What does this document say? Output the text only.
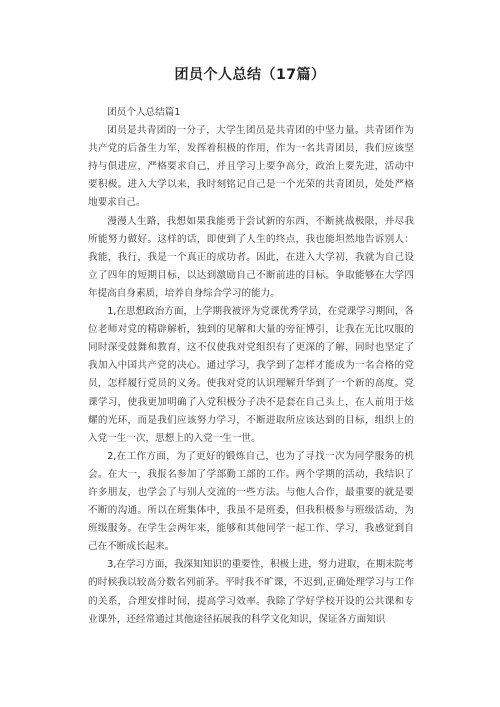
团员个人总结（17篇）

团员个人总结篇1

团员是共青团的一分子，大学生团员是共青团的中坚力量。共青团作为共产党的后备生力军，发挥着积极的作用，作为一名共青团员，我们应该坚持与俱进应，严格要求自己，并且学习上要争高分，政治上要先进，活动中要积极。进入大学以来，我时刻铭记自己是一个光荣的共青团员，处处严格地要求自己。

漫漫人生路，我想如果我能勇于尝试新的东西，不断挑战极限，并尽我所能努力做好。这样的话，即使到了人生的终点，我也能坦然地告诉别人：我能，我行，我是一个真正的成功者。因此，在进入大学初，我就为自己设立了四年的短期目标，以达到激励自己不断前进的目标。争取能够在大学四年提高自身素质，培养自身综合学习的能力。

1,在思想政治方面，上学期我被评为党课优秀学员，在党课学习期间，各位老师对党的精辟解析，独到的见解和大量的旁征博引，让我在无比叹服的同时深受鼓舞和教育，这不仅使我对党组织有了更深的了解，同时也坚定了我加入中国共产党的决心。通过学习，我学到了怎样才能成为一名合格的党员，怎样履行党员的义务。使我对党的认识理解升华到了一个新的高度。党课学习，使我更加明确了入党积极分子决不是套在自己头上，在人前用于炫耀的光环，而是我们应该努力学习，不断进取所应该达到的目标，组织上的入党一生一次，思想上的入党一生一世。

2,在工作方面，为了更好的锻炼自己，也为了寻找一次为同学服务的机会。在大一，我报名参加了学部勤工部的工作。两个学期的活动，我结识了许多朋友，也学会了与别人交流的一些方法。与他人合作，最重要的就是要不断的沟通。所以在班集体中，我虽不是班委，但我积极参与班级活动，为班级服务。在学生会两年来，能够和其他同学一起工作、学习，我感觉到自己在不断成长起来。

3,在学习方面，我深知知识的重要性，积极上进，努力进取，在期末院考的时候我以较高分数名列前茅。平时我不旷课，不迟到,正确处理学习与工作的关系，合理安排时间，提高学习效率。我除了学好学校开设的公共课和专业课外，还经常通过其他途径拓展我的科学文化知识，保证各方面知识
